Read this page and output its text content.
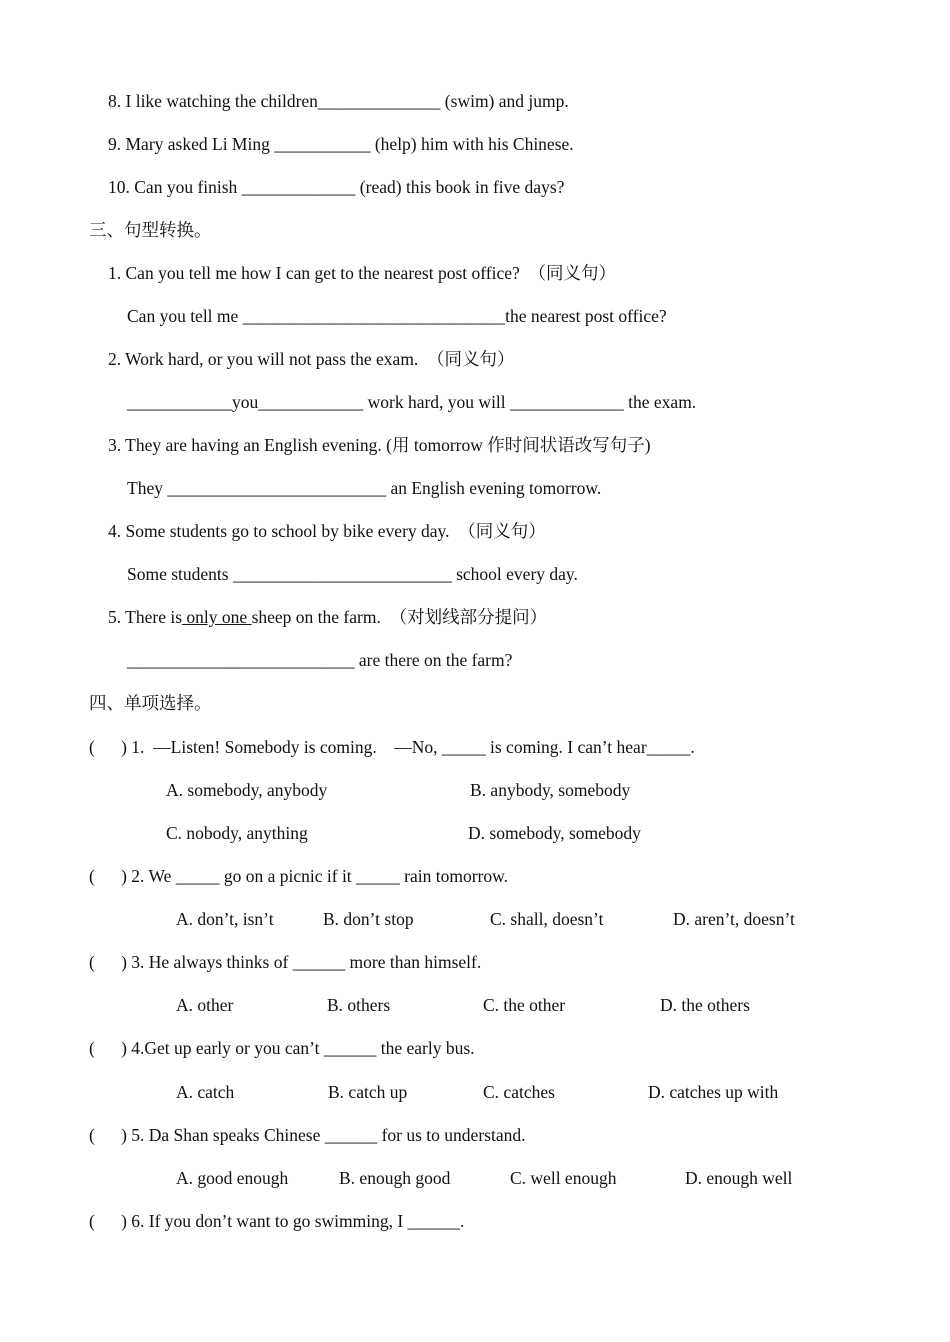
8. I like watching the children______________ (swim) and jump.
9. Mary asked Li Ming ___________ (help) him with his Chinese.
10. Can you finish _____________ (read) this book in five days?
三、句型转换。
1. Can you tell me how I can get to the nearest post office?  （同义句）
Can you tell me ______________________________the nearest post office?
2. Work hard, or you will not pass the exam.  （同义句）
____________you____________ work hard, you will _____________ the exam.
3. They are having an English evening. (用 tomorrow 作时间状语改写句子)
They _________________________ an English evening tomorrow.
4. Some students go to school by bike every day.  （同义句）
Some students _________________________ school every day.
5. There is only one sheep on the farm.  （对划线部分提问）
__________________________ are there on the farm?
四、单项选择。
(      ) 1.  —Listen! Somebody is coming.    —No, _____ is coming. I can’t hear_____.
A. somebody, anybody	B. anybody, somebody
C. nobody, anything	D. somebody, somebody
(      ) 2. We _____ go on a picnic if it _____ rain tomorrow.
A. don’t, isn’t	B. don’t stop	C. shall, doesn’t	D. aren’t, doesn’t
(      ) 3. He always thinks of ______ more than himself.
A. other	B. others	C. the other	D. the others
(      ) 4.Get up early or you can’t ______ the early bus.
A. catch	B. catch up	C. catches	D. catches up with
(      ) 5. Da Shan speaks Chinese ______ for us to understand.
A. good enough	B. enough good	C. well enough	D. enough well
(      ) 6. If you don’t want to go swimming, I ______.
